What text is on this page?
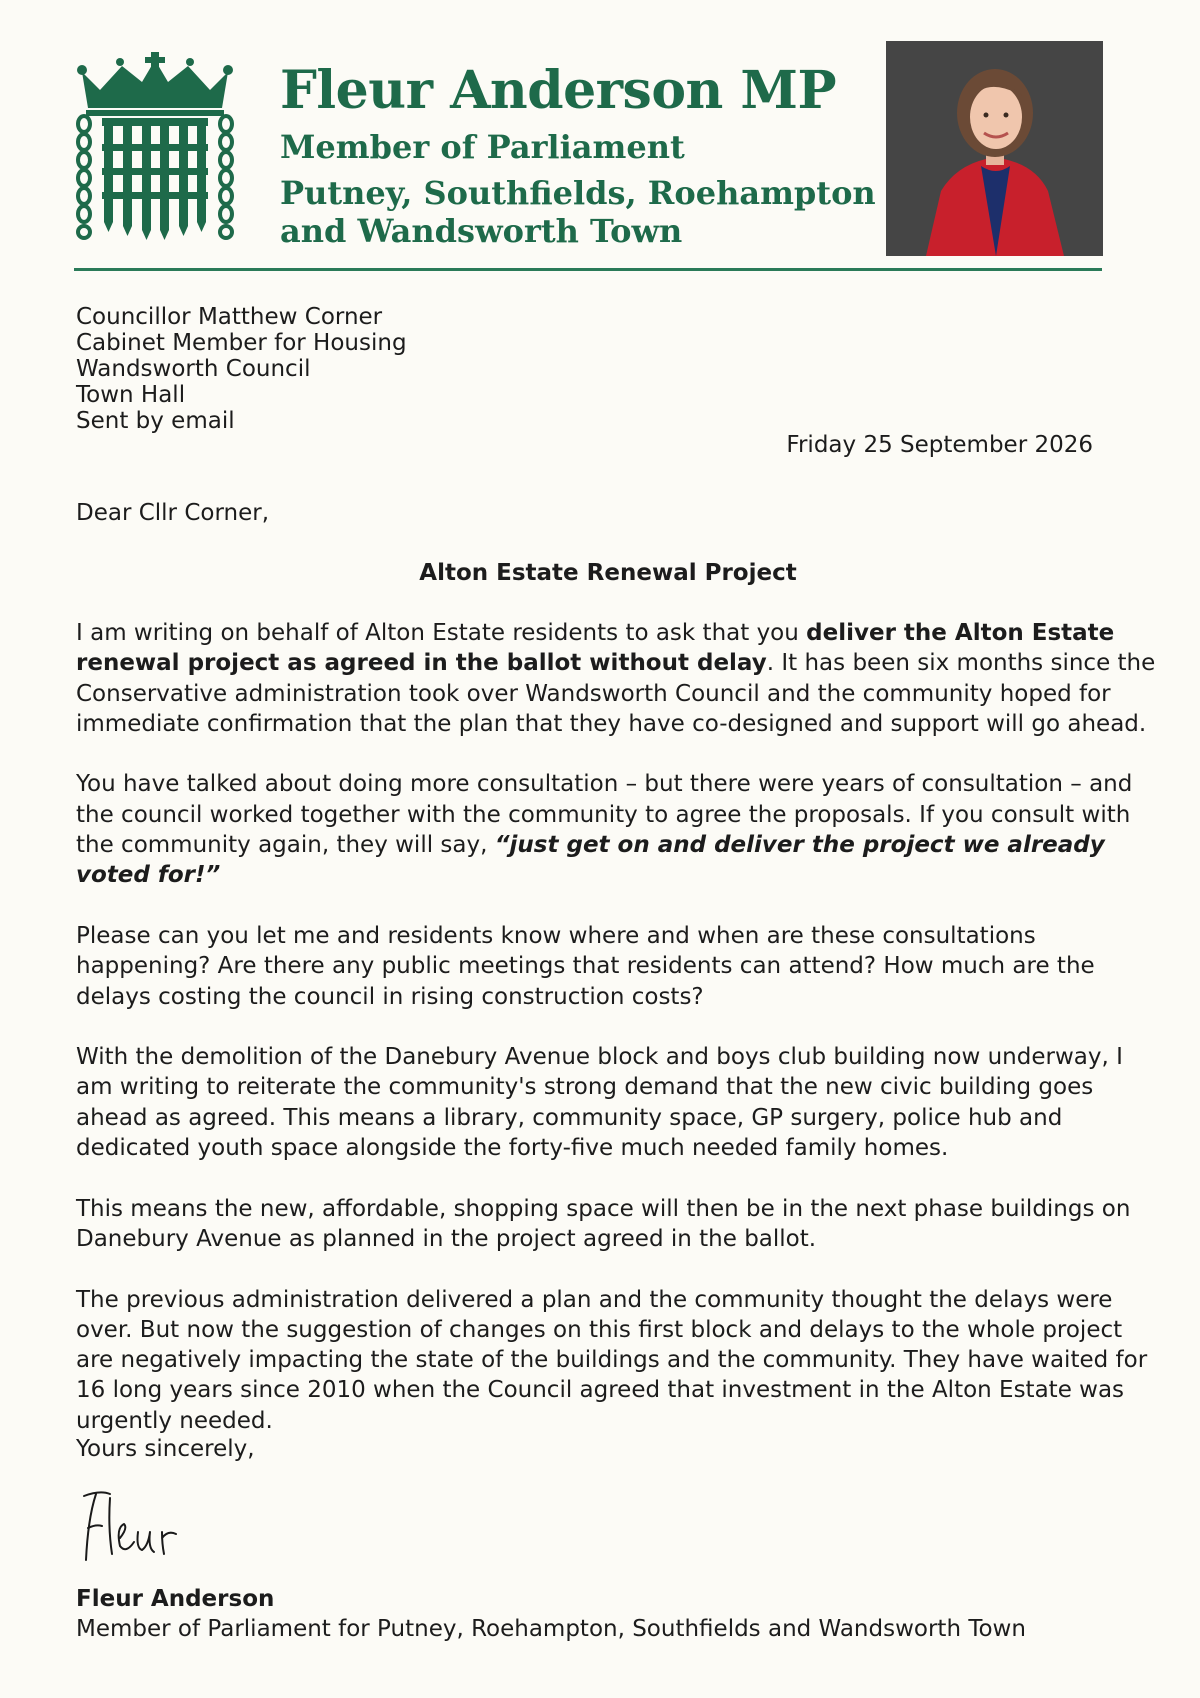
Fleur Anderson MP
Member of Parliament
Putney, Southfields, Roehampton
and Wandsworth Town
Councillor Matthew Corner
Cabinet Member for Housing
Wandsworth Council
Town Hall
Sent by email
Friday 25 September 2026
Dear Cllr Corner,
Alton Estate Renewal Project

I am writing on behalf of Alton Estate residents to ask that you deliver the Alton Estate renewal project as agreed in the ballot without delay. It has been six months since the Conservative administration took over Wandsworth Council and the community hoped for immediate confirmation that the plan that they have co-designed and support will go ahead.

You have talked about doing more consultation – but there were years of consultation – and the council worked together with the community to agree the proposals. If you consult with the community again, they will say, “just get on and deliver the project we already voted for!”

Please can you let me and residents know where and when are these consultations happening? Are there any public meetings that residents can attend? How much are the delays costing the council in rising construction costs?

With the demolition of the Danebury Avenue block and boys club building now underway, I am writing to reiterate the community's strong demand that the new civic building goes ahead as agreed. This means a library, community space, GP surgery, police hub and dedicated youth space alongside the forty-five much needed family homes.

This means the new, affordable, shopping space will then be in the next phase buildings on Danebury Avenue as planned in the project agreed in the ballot.

The previous administration delivered a plan and the community thought the delays were over. But now the suggestion of changes on this first block and delays to the whole project are negatively impacting the state of the buildings and the community. They have waited for 16 long years since 2010 when the Council agreed that investment in the Alton Estate was urgently needed.

Yours sincerely,
Fleur Anderson
Member of Parliament for Putney, Roehampton, Southfields and Wandsworth Town
